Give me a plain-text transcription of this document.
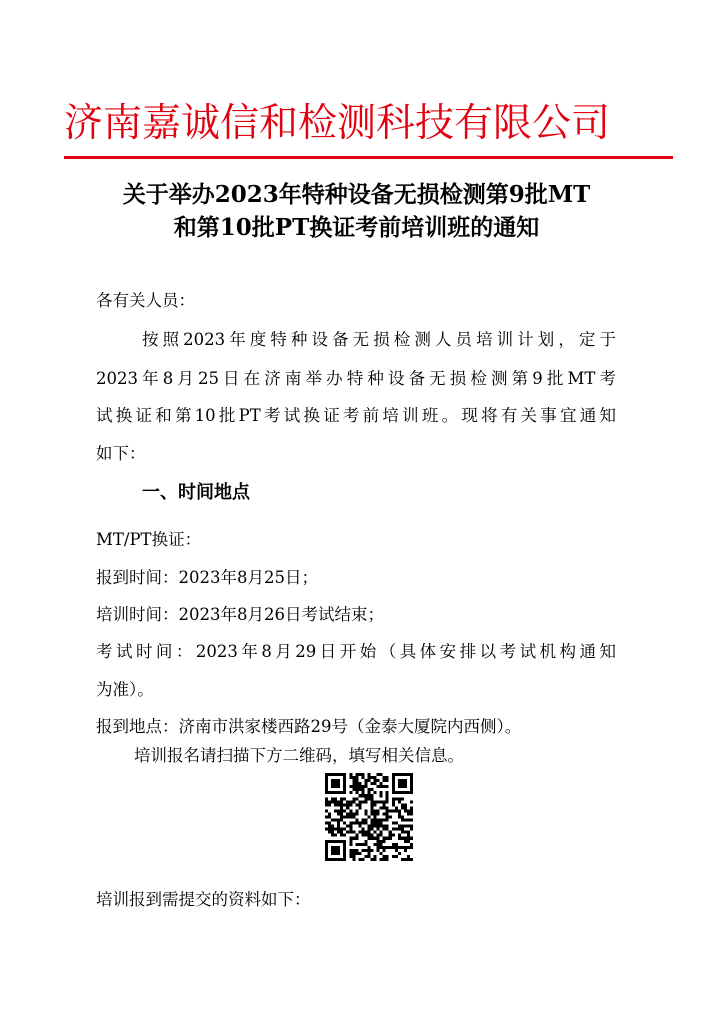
济南嘉诚信和检测科技有限公司
关于举办2023年特种设备无损检测第9批MT
和第10批PT换证考前培训班的通知
各有关人员：
按照2023年度特种设备无损检测人员培训计划，定于
2023年8月25日在济南举办特种设备无损检测第9批MT考
试换证和第10批PT考试换证考前培训班。现将有关事宜通知
如下：
一、时间地点
MT/PT换证：
报到时间：2023年8月25日；
培训时间：2023年8月26日考试结束；
考试时间：2023年8月29日开始（具体安排以考试机构通知
为准）。
报到地点：济南市洪家楼西路29号（金泰大厦院内西侧）。
培训报名请扫描下方二维码，填写相关信息。
培训报到需提交的资料如下：
